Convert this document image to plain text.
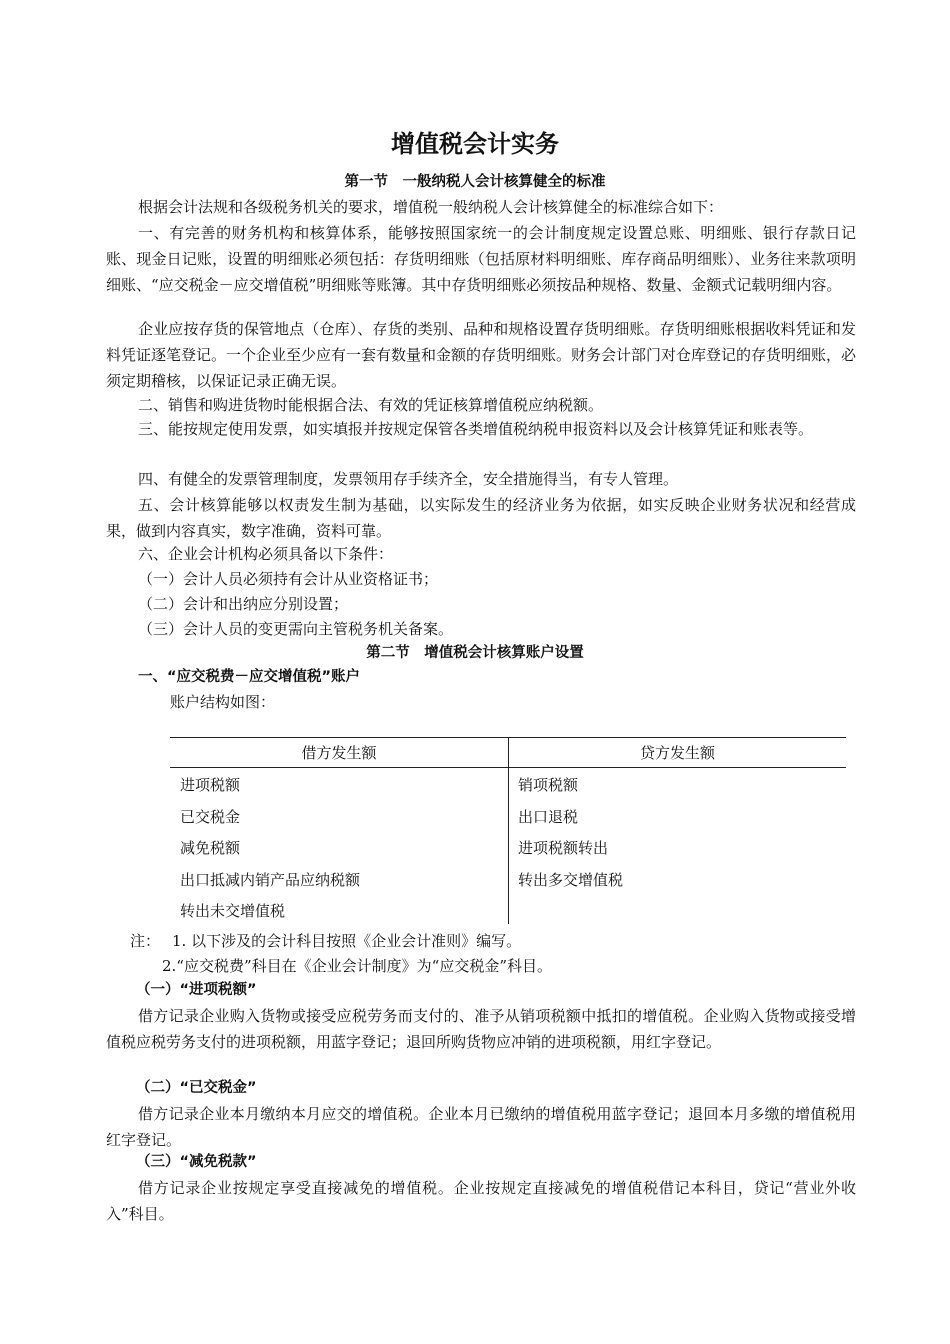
增值税会计实务
第一节　一般纳税人会计核算健全的标准
根据会计法规和各级税务机关的要求，增值税一般纳税人会计核算健全的标准综合如下：
一、有完善的财务机构和核算体系，能够按照国家统一的会计制度规定设置总账、明细账、银行存款日记账、现金日记账，设置的明细账必须包括：存货明细账（包括原材料明细账、库存商品明细账）、业务往来款项明细账、“应交税金－应交增值税”明细账等账簿。其中存货明细账必须按品种规格、数量、金额式记载明细内容。
企业应按存货的保管地点（仓库）、存货的类别、品种和规格设置存货明细账。存货明细账根据收料凭证和发料凭证逐笔登记。一个企业至少应有一套有数量和金额的存货明细账。财务会计部门对仓库登记的存货明细账，必须定期稽核，以保证记录正确无误。
二、销售和购进货物时能根据合法、有效的凭证核算增值税应纳税额。
三、能按规定使用发票，如实填报并按规定保管各类增值税纳税申报资料以及会计核算凭证和账表等。
四、有健全的发票管理制度，发票领用存手续齐全，安全措施得当，有专人管理。
五、会计核算能够以权责发生制为基础，以实际发生的经济业务为依据，如实反映企业财务状况和经营成果，做到内容真实，数字准确，资料可靠。
六、企业会计机构必须具备以下条件：
（一）会计人员必须持有会计从业资格证书；
（二）会计和出纳应分别设置；
（三）会计人员的变更需向主管税务机关备案。
第二节　增值税会计核算账户设置
一、“应交税费－应交增值税”账户
账户结构如图：
借方发生额	贷方发生额
进项税额
已交税金
减免税额
出口抵减内销产品应纳税额
转出未交增值税
销项税额
出口退税
进项税额转出
转出多交增值税
注： 1. 以下涉及的会计科目按照《企业会计准则》编写。
2.“应交税费”科目在《企业会计制度》为“应交税金”科目。
（一）“进项税额”
借方记录企业购入货物或接受应税劳务而支付的、准予从销项税额中抵扣的增值税。企业购入货物或接受增值税应税劳务支付的进项税额，用蓝字登记；退回所购货物应冲销的进项税额，用红字登记。
（二）“已交税金”
借方记录企业本月缴纳本月应交的增值税。企业本月已缴纳的增值税用蓝字登记；退回本月多缴的增值税用红字登记。
（三）“减免税款”
借方记录企业按规定享受直接减免的增值税。企业按规定直接减免的增值税借记本科目，贷记“营业外收入”科目。
